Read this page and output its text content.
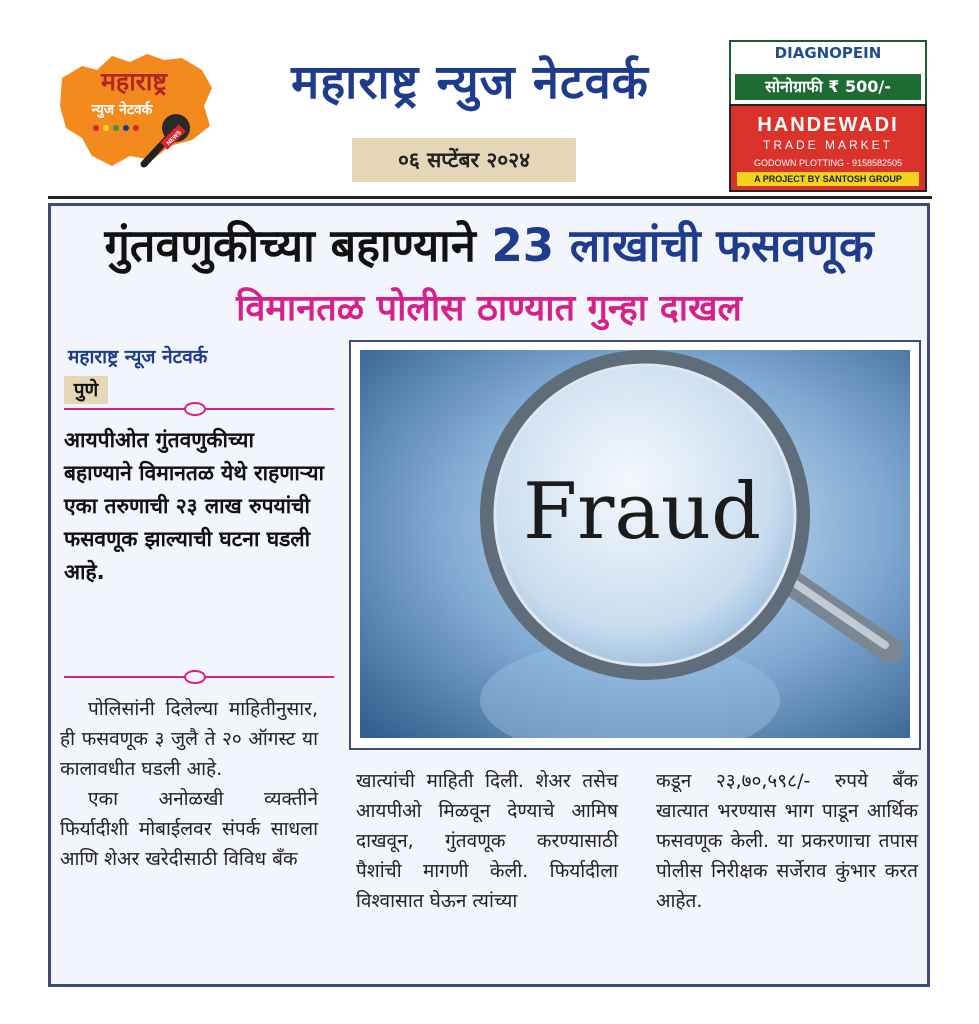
महाराष्ट्र
न्युज नेटवर्क
NEWS
महाराष्ट्र न्युज नेटवर्क
०६ सप्टेंबर २०२४
DIAGNOPEIN
सोनोग्राफी ₹ 500/-
HANDEWADI
TRADE MARKET
GODOWN PLOTTING - 9158582505
A PROJECT BY SANTOSH GROUP
गुंतवणुकीच्या बहाण्याने 23 लाखांची फसवणूक
विमानतळ पोलीस ठाण्यात गुन्हा दाखल
महाराष्ट्र न्यूज नेटवर्क
पुणे
आयपीओत गुंतवणुकीच्या बहाण्याने विमानतळ येथे राहणाऱ्या एका तरुणाची २३ लाख रुपयांची फसवणूक झाल्याची घटना घडली आहे.
Fraud

पोलिसांनी दिलेल्या माहितीनुसार, ही फसवणूक ३ जुलै ते २० ऑगस्ट या कालावधीत घडली आहे.

एका अनोळखी व्यक्तीने फिर्यादीशी मोबाईलवर संपर्क साधला आणि शेअर खरेदीसाठी विविध बँक

खात्यांची माहिती दिली. शेअर तसेच आयपीओ मिळवून देण्याचे आमिष दाखवून, गुंतवणूक करण्यासाठी पैशांची मागणी केली. फिर्यादीला विश्वासात घेऊन त्यांच्या

कडून २३,७०,५९८/- रुपये बँक खात्यात भरण्यास भाग पाडून आर्थिक फसवणूक केली. या प्रकरणाचा तपास पोलीस निरीक्षक सर्जेराव कुंभार करत आहेत.
